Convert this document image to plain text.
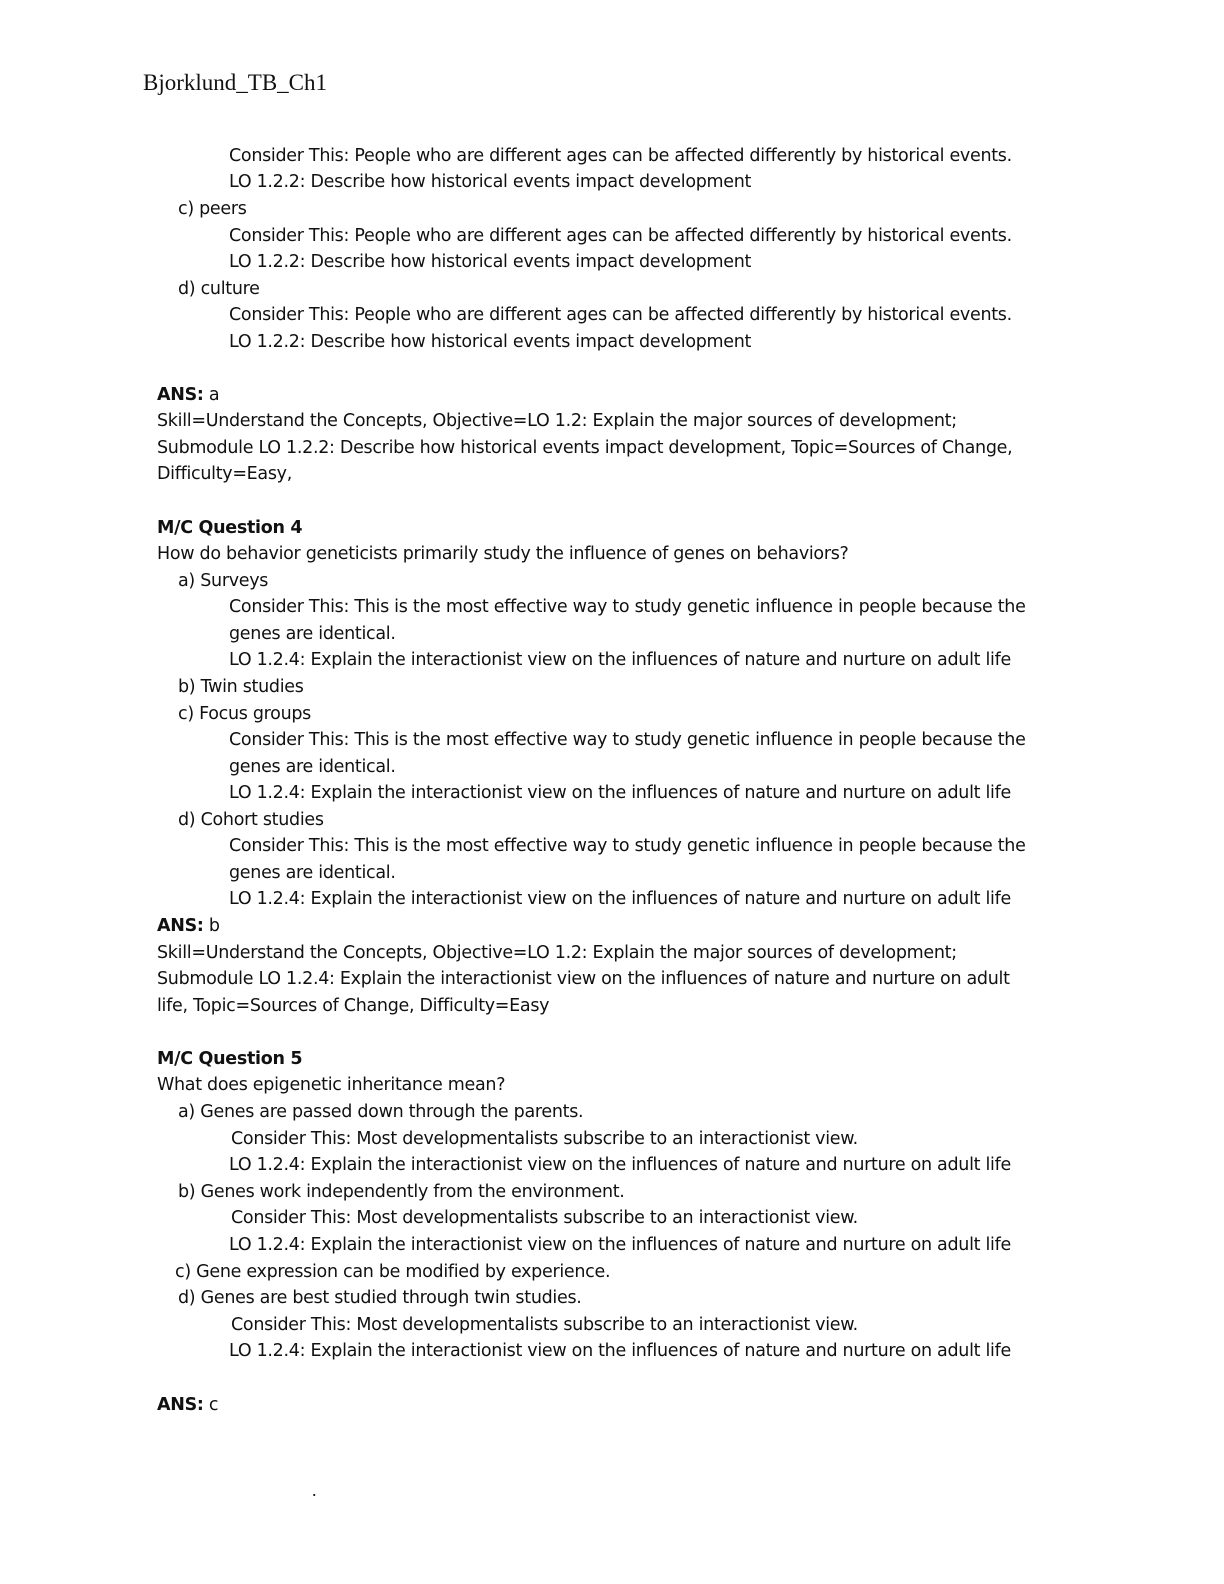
Bjorklund_TB_Ch1
Consider This: People who are different ages can be affected differently by historical events.
LO 1.2.2: Describe how historical events impact development
c) peers
Consider This: People who are different ages can be affected differently by historical events.
LO 1.2.2: Describe how historical events impact development
d) culture
Consider This: People who are different ages can be affected differently by historical events.
LO 1.2.2: Describe how historical events impact development
ANS: a
Skill=Understand the Concepts, Objective=LO 1.2: Explain the major sources of development;
Submodule LO 1.2.2: Describe how historical events impact development, Topic=Sources of Change,
Difficulty=Easy,
M/C Question 4
How do behavior geneticists primarily study the influence of genes on behaviors?
a) Surveys
Consider This: This is the most effective way to study genetic influence in people because the
genes are identical.
LO 1.2.4: Explain the interactionist view on the influences of nature and nurture on adult life
b) Twin studies
c) Focus groups
Consider This: This is the most effective way to study genetic influence in people because the
genes are identical.
LO 1.2.4: Explain the interactionist view on the influences of nature and nurture on adult life
d) Cohort studies
Consider This: This is the most effective way to study genetic influence in people because the
genes are identical.
LO 1.2.4: Explain the interactionist view on the influences of nature and nurture on adult life
ANS: b
Skill=Understand the Concepts, Objective=LO 1.2: Explain the major sources of development;
Submodule LO 1.2.4: Explain the interactionist view on the influences of nature and nurture on adult
life, Topic=Sources of Change, Difficulty=Easy
M/C Question 5
What does epigenetic inheritance mean?
a) Genes are passed down through the parents.
Consider This: Most developmentalists subscribe to an interactionist view.
LO 1.2.4: Explain the interactionist view on the influences of nature and nurture on adult life
b) Genes work independently from the environment.
Consider This: Most developmentalists subscribe to an interactionist view.
LO 1.2.4: Explain the interactionist view on the influences of nature and nurture on adult life
c) Gene expression can be modified by experience.
d) Genes are best studied through twin studies.
Consider This: Most developmentalists subscribe to an interactionist view.
LO 1.2.4: Explain the interactionist view on the influences of nature and nurture on adult life
ANS: c
.
